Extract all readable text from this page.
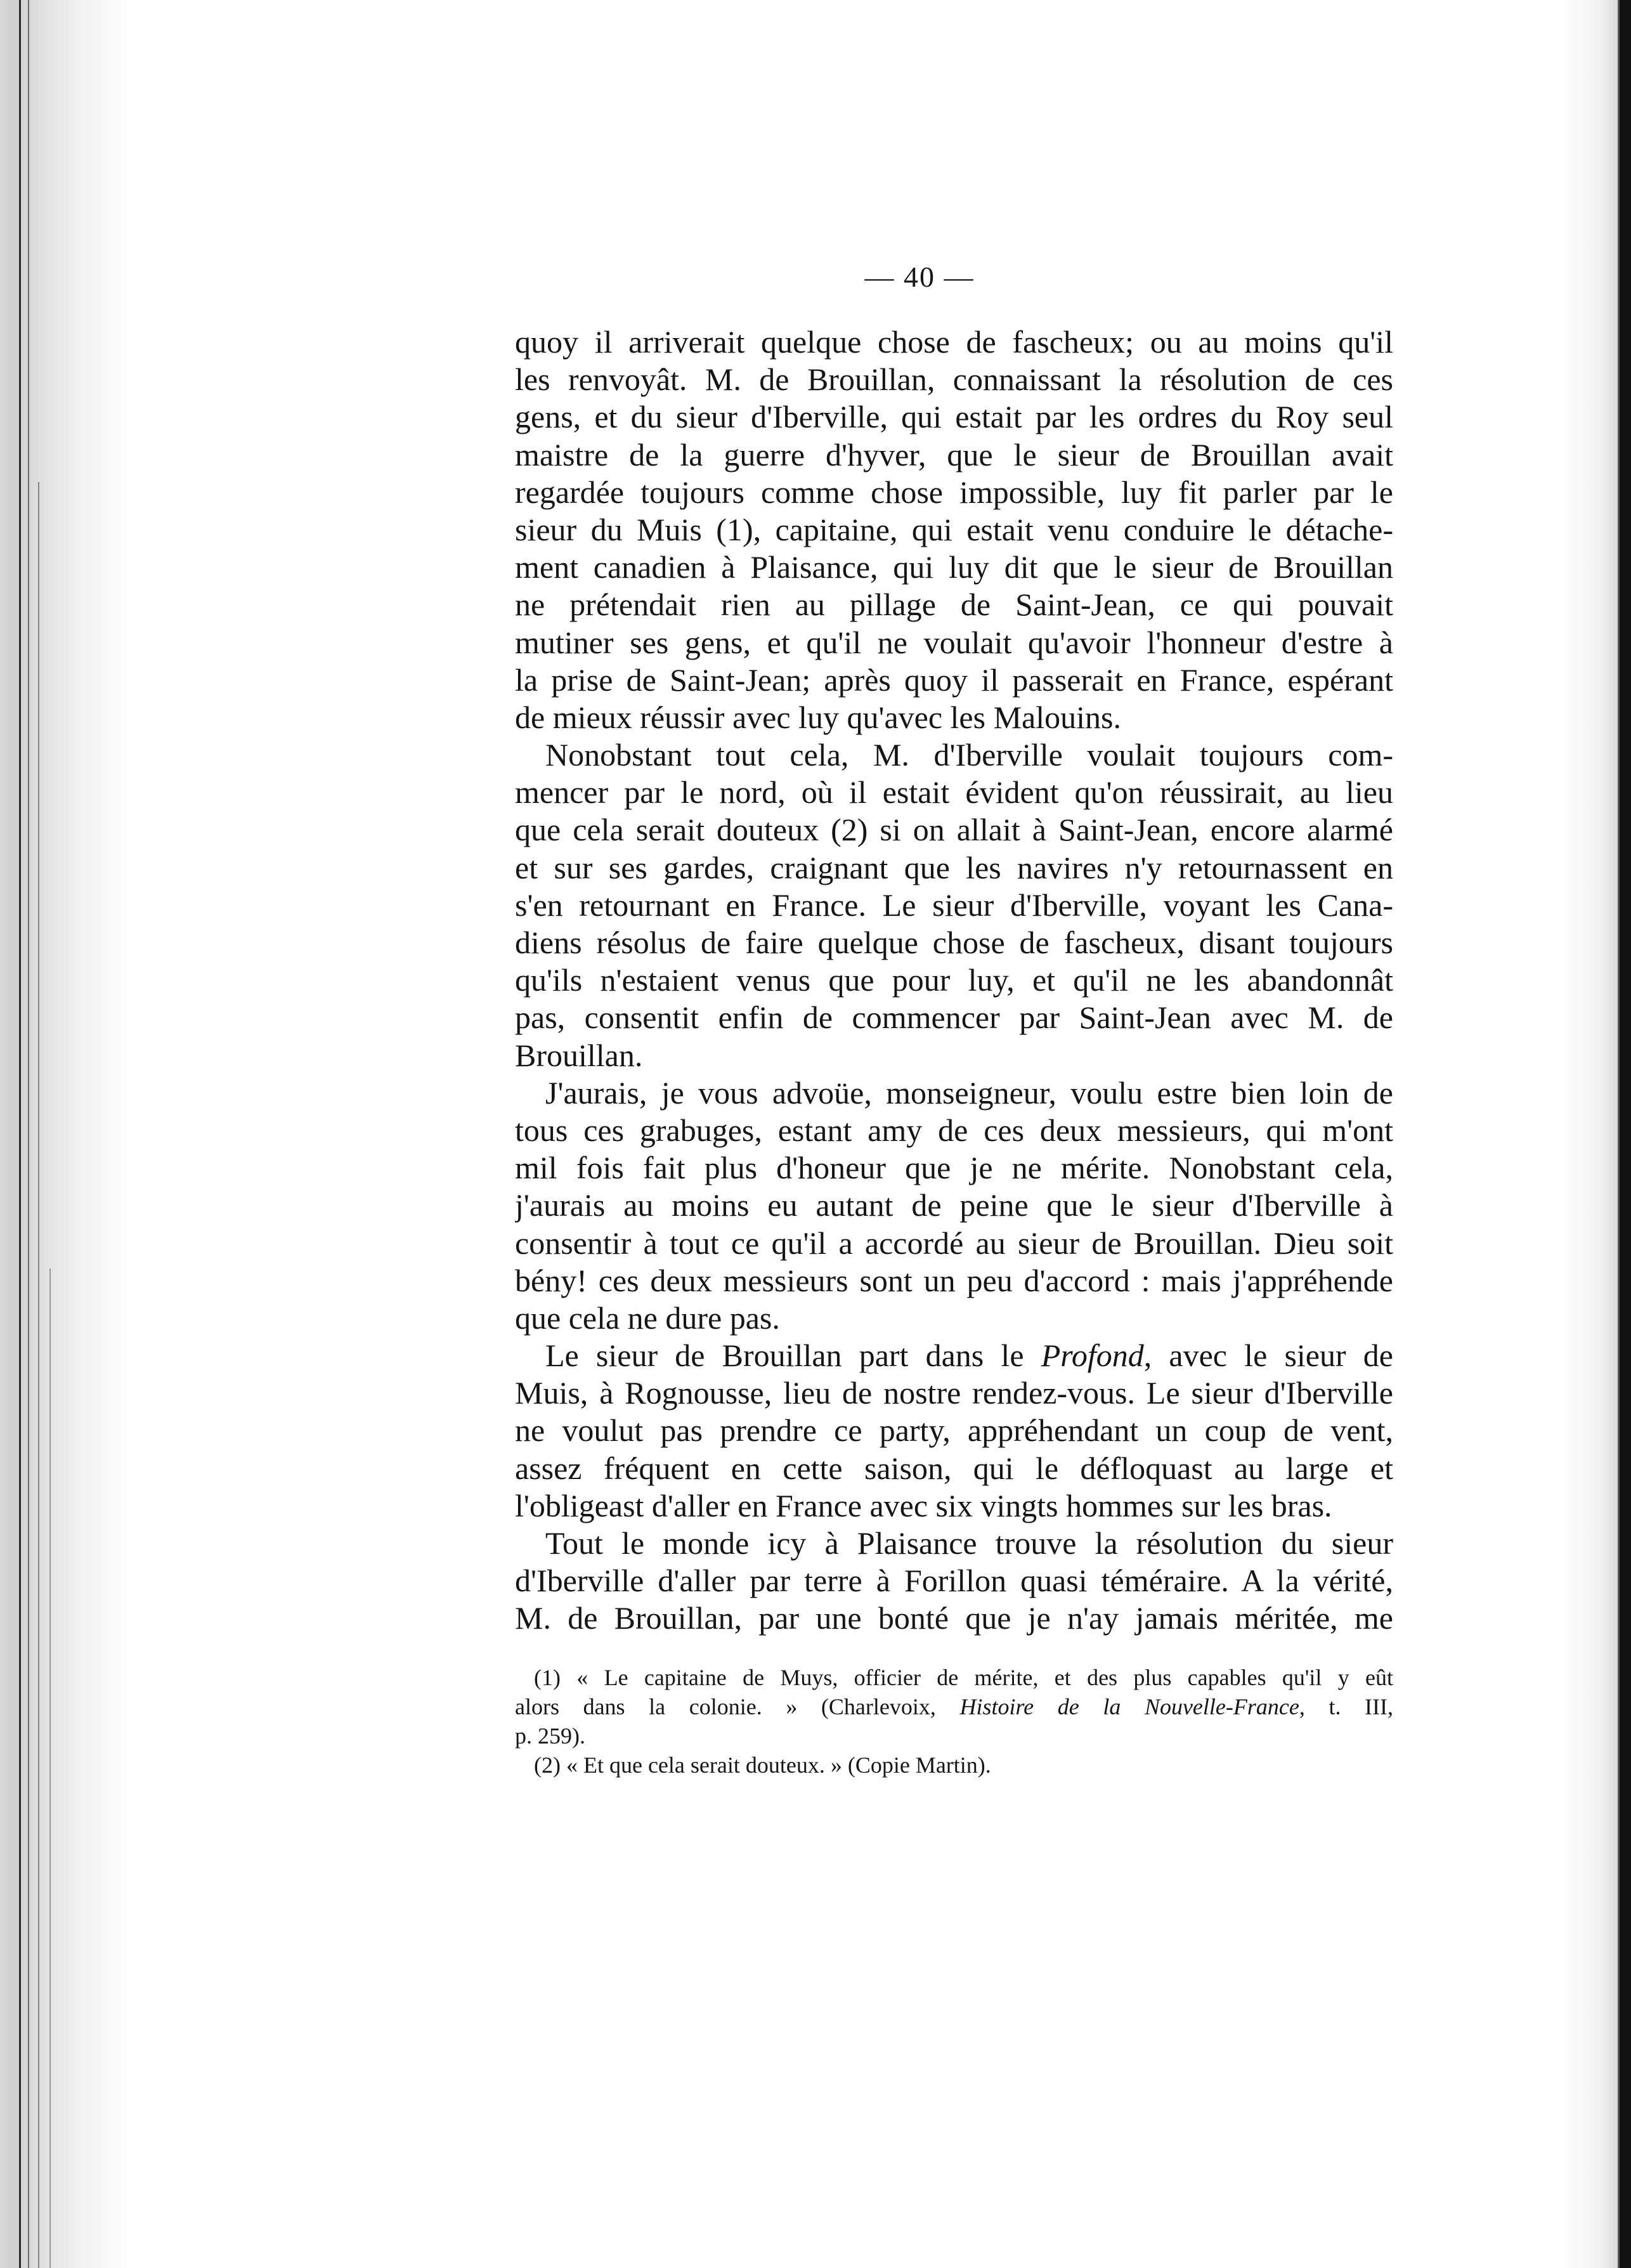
— 40 —
quoy il arriverait quelque chose de fascheux; ou au moins qu'il
les renvoyât. M. de Brouillan, connaissant la résolution de ces
gens, et du sieur d'Iberville, qui estait par les ordres du Roy seul
maistre de la guerre d'hyver, que le sieur de Brouillan avait
regardée toujours comme chose impossible, luy fit parler par le
sieur du Muis (1), capitaine, qui estait venu conduire le détache-
ment canadien à Plaisance, qui luy dit que le sieur de Brouillan
ne prétendait rien au pillage de Saint-Jean, ce qui pouvait
mutiner ses gens, et qu'il ne voulait qu'avoir l'honneur d'estre à
la prise de Saint-Jean; après quoy il passerait en France, espérant
de mieux réussir avec luy qu'avec les Malouins.
Nonobstant tout cela, M. d'Iberville voulait toujours com-
mencer par le nord, où il estait évident qu'on réussirait, au lieu
que cela serait douteux (2) si on allait à Saint-Jean, encore alarmé
et sur ses gardes, craignant que les navires n'y retournassent en
s'en retournant en France. Le sieur d'Iberville, voyant les Cana-
diens résolus de faire quelque chose de fascheux, disant toujours
qu'ils n'estaient venus que pour luy, et qu'il ne les abandonnât
pas, consentit enfin de commencer par Saint-Jean avec M. de
Brouillan.
J'aurais, je vous advoüe, monseigneur, voulu estre bien loin de
tous ces grabuges, estant amy de ces deux messieurs, qui m'ont
mil fois fait plus d'honeur que je ne mérite. Nonobstant cela,
j'aurais au moins eu autant de peine que le sieur d'Iberville à
consentir à tout ce qu'il a accordé au sieur de Brouillan. Dieu soit
bény! ces deux messieurs sont un peu d'accord : mais j'appréhende
que cela ne dure pas.
Le sieur de Brouillan part dans le Profond, avec le sieur de
Muis, à Rognousse, lieu de nostre rendez-vous. Le sieur d'Iberville
ne voulut pas prendre ce party, appréhendant un coup de vent,
assez fréquent en cette saison, qui le défloquast au large et
l'obligeast d'aller en France avec six vingts hommes sur les bras.
Tout le monde icy à Plaisance trouve la résolution du sieur
d'Iberville d'aller par terre à Forillon quasi téméraire. A la vérité,
M. de Brouillan, par une bonté que je n'ay jamais méritée, me
(1) « Le capitaine de Muys, officier de mérite, et des plus capables qu'il y eût
alors dans la colonie. » (Charlevoix, Histoire de la Nouvelle-France, t. III,
p. 259).
(2) « Et que cela serait douteux. » (Copie Martin).
